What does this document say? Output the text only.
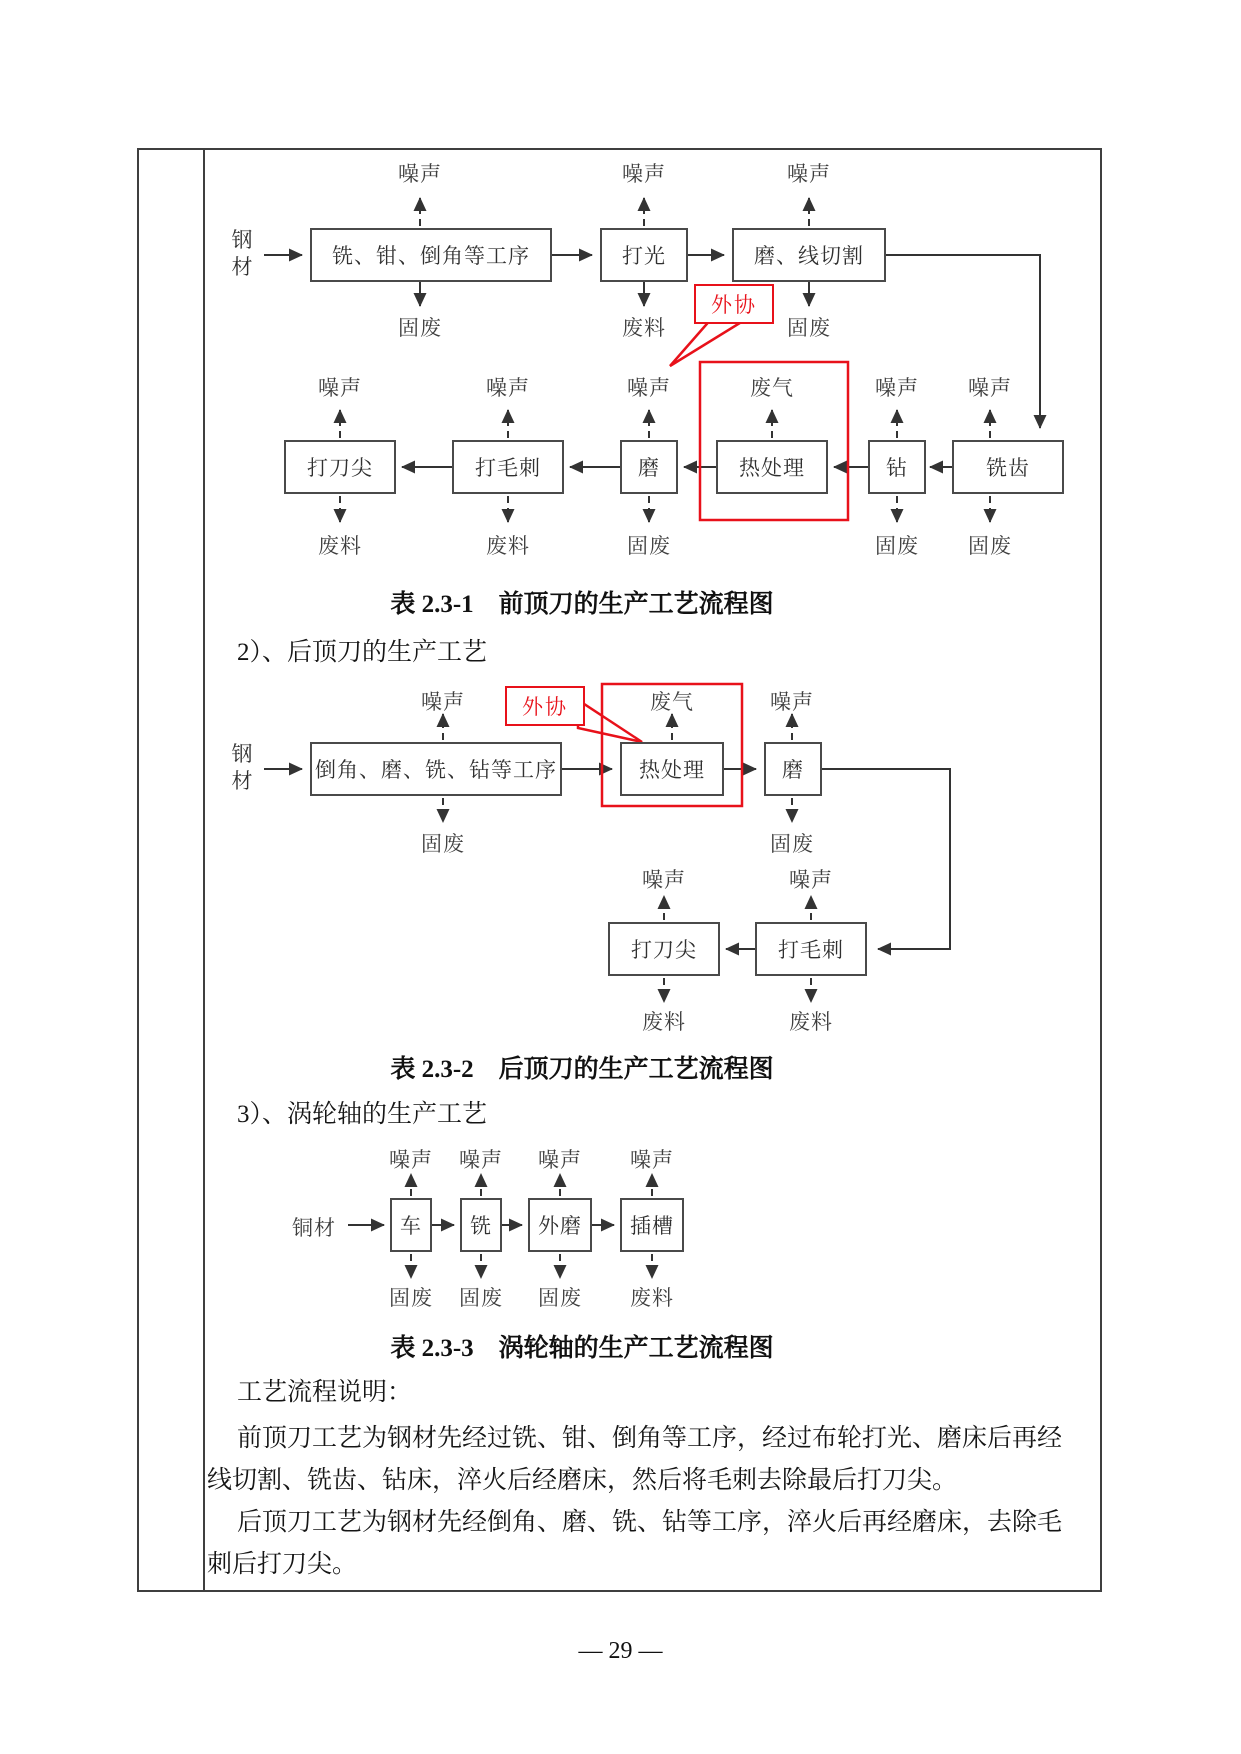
钢
材
噪声	噪声	噪声
铣、钳、倒角等工序	打光	磨、线切割
固废	废料	固废
外协
噪声	噪声	噪声	废气	噪声	噪声
打刀尖	打毛刺	磨	热处理	钻	铣齿
废料	废料	固废	固废	固废
表 2.3-1　前顶刀的生产工艺流程图
2）、后顶刀的生产工艺
噪声	外协	废气	噪声
钢
材	倒角、磨、铣、钻等工序	热处理	磨
固废	固废
噪声	噪声
打刀尖	打毛刺
废料	废料
表 2.3-2　后顶刀的生产工艺流程图
3）、涡轮轴的生产工艺
噪声	噪声	噪声	噪声
铜材	车	铣	外磨	插槽
固废	固废	固废	废料
表 2.3-3　涡轮轴的生产工艺流程图
工艺流程说明：
前顶刀工艺为钢材先经过铣、钳、倒角等工序，经过布轮打光、磨床后再经
线切割、铣齿、钻床，淬火后经磨床，然后将毛刺去除最后打刀尖。
后顶刀工艺为钢材先经倒角、磨、铣、钻等工序，淬火后再经磨床，去除毛
刺后打刀尖。
— 29 —
